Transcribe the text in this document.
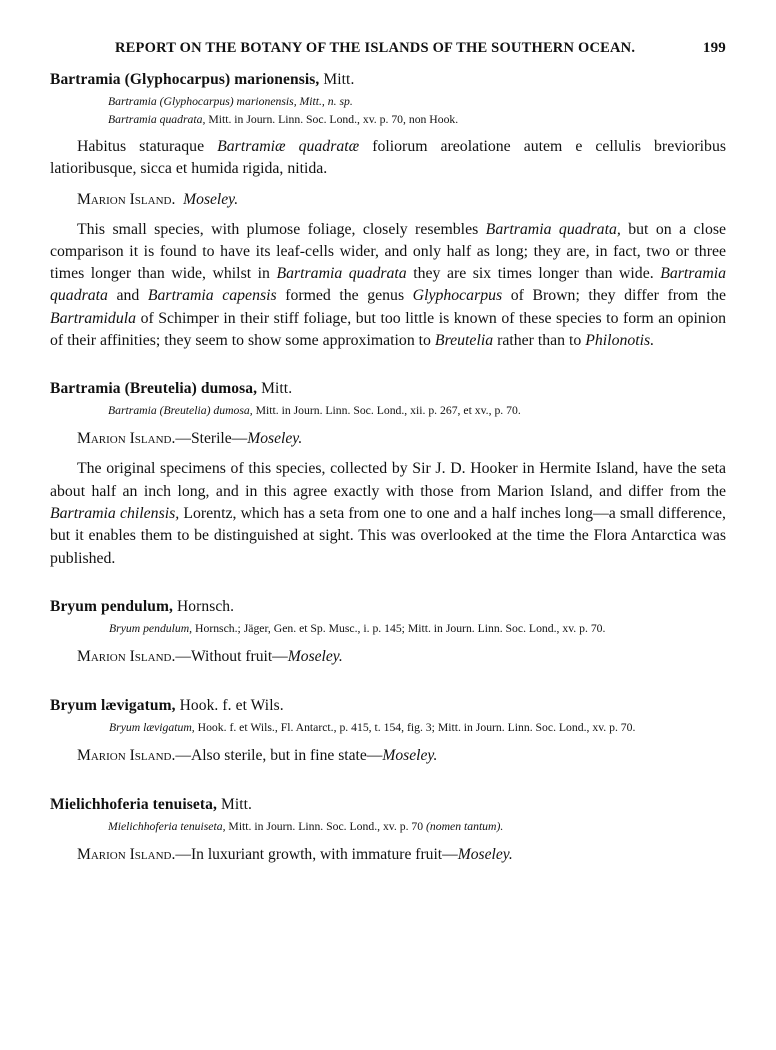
REPORT ON THE BOTANY OF THE ISLANDS OF THE SOUTHERN OCEAN.	199

Bartramia (Glyphocarpus) marionensis, Mitt.

Bartramia (Glyphocarpus) marionensis, Mitt., n. sp.

Bartramia quadrata, Mitt. in Journ. Linn. Soc. Lond., xv. p. 70, non Hook.

Habitus staturaque Bartramiæ quadratæ foliorum areolatione autem e cellulis brevioribus latioribusque, sicca et humida rigida, nitida.

Marion Island. Moseley.

This small species, with plumose foliage, closely resembles Bartramia quadrata, but on a close comparison it is found to have its leaf-cells wider, and only half as long; they are, in fact, two or three times longer than wide, whilst in Bartramia quadrata they are six times longer than wide. Bartramia quadrata and Bartramia capensis formed the genus Glyphocarpus of Brown; they differ from the Bartramidula of Schimper in their stiff foliage, but too little is known of these species to form an opinion of their affinities; they seem to show some approximation to Breutelia rather than to Philonotis.

Bartramia (Breutelia) dumosa, Mitt.

Bartramia (Breutelia) dumosa, Mitt. in Journ. Linn. Soc. Lond., xii. p. 267, et xv., p. 70.

Marion Island.—Sterile—Moseley.

The original specimens of this species, collected by Sir J. D. Hooker in Hermite Island, have the seta about half an inch long, and in this agree exactly with those from Marion Island, and differ from the Bartramia chilensis, Lorentz, which has a seta from one to one and a half inches long—a small difference, but it enables them to be distinguished at sight. This was overlooked at the time the Flora Antarctica was published.

Bryum pendulum, Hornsch.

Bryum pendulum, Hornsch.; Jäger, Gen. et Sp. Musc., i. p. 145; Mitt. in Journ. Linn. Soc. Lond., xv. p. 70.

Marion Island.—Without fruit—Moseley.

Bryum lævigatum, Hook. f. et Wils.

Bryum lævigatum, Hook. f. et Wils., Fl. Antarct., p. 415, t. 154, fig. 3; Mitt. in Journ. Linn. Soc. Lond., xv. p. 70.

Marion Island.—Also sterile, but in fine state—Moseley.

Mielichhoferia tenuiseta, Mitt.

Mielichhoferia tenuiseta, Mitt. in Journ. Linn. Soc. Lond., xv. p. 70 (nomen tantum).

Marion Island.—In luxuriant growth, with immature fruit—Moseley.
